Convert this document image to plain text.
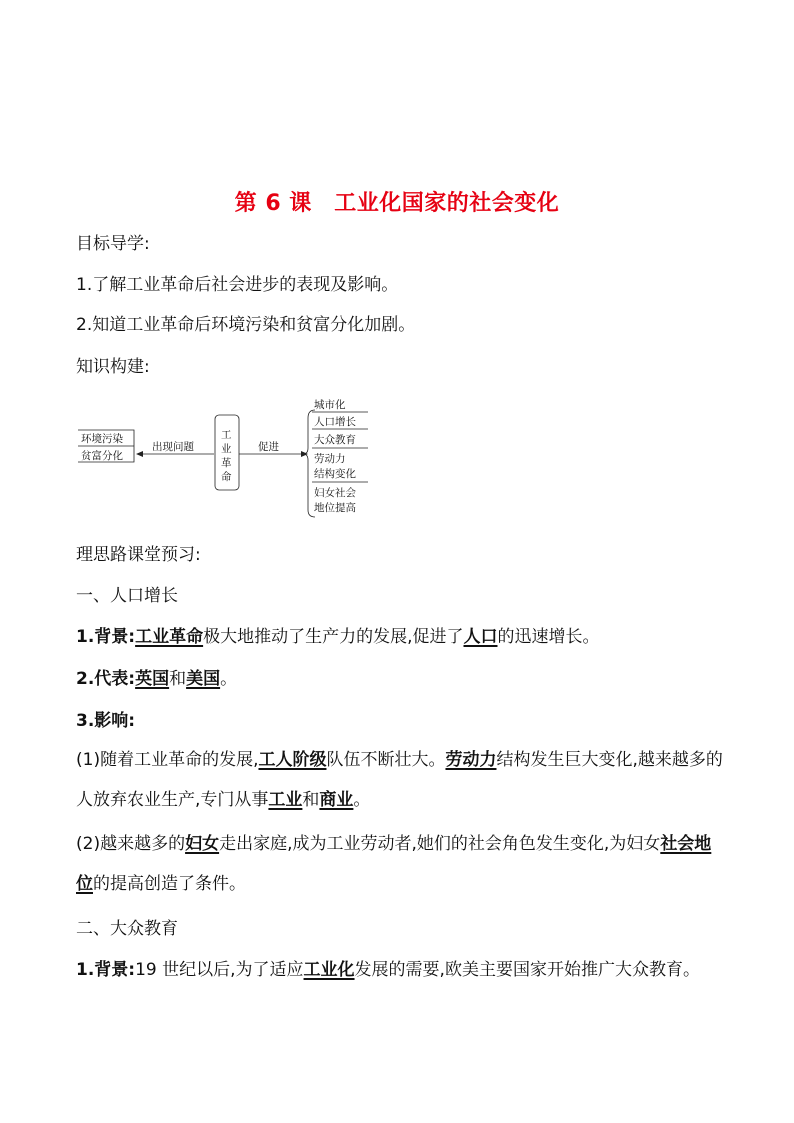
第 6 课　工业化国家的社会变化
目标导学:
1.了解工业革命后社会进步的表现及影响。
2.知道工业革命后环境污染和贫富分化加剧。
知识构建:
环境污染
贫富分化
出现问题
工
业
革
命
促进
城市化
人口增长
大众教育
劳动力
结构变化
妇女社会
地位提高
理思路课堂预习:
一、人口增长
1.背景:工业革命极大地推动了生产力的发展,促进了人口的迅速增长。
2.代表:英国和美国。
3.影响:
(1)随着工业革命的发展,工人阶级队伍不断壮大。劳动力结构发生巨大变化,越来越多的人放弃农业生产,专门从事工业和商业。
(2)越来越多的妇女走出家庭,成为工业劳动者,她们的社会角色发生变化,为妇女社会地位的提高创造了条件。
二、大众教育
1.背景:19 世纪以后,为了适应工业化发展的需要,欧美主要国家开始推广大众教育。
